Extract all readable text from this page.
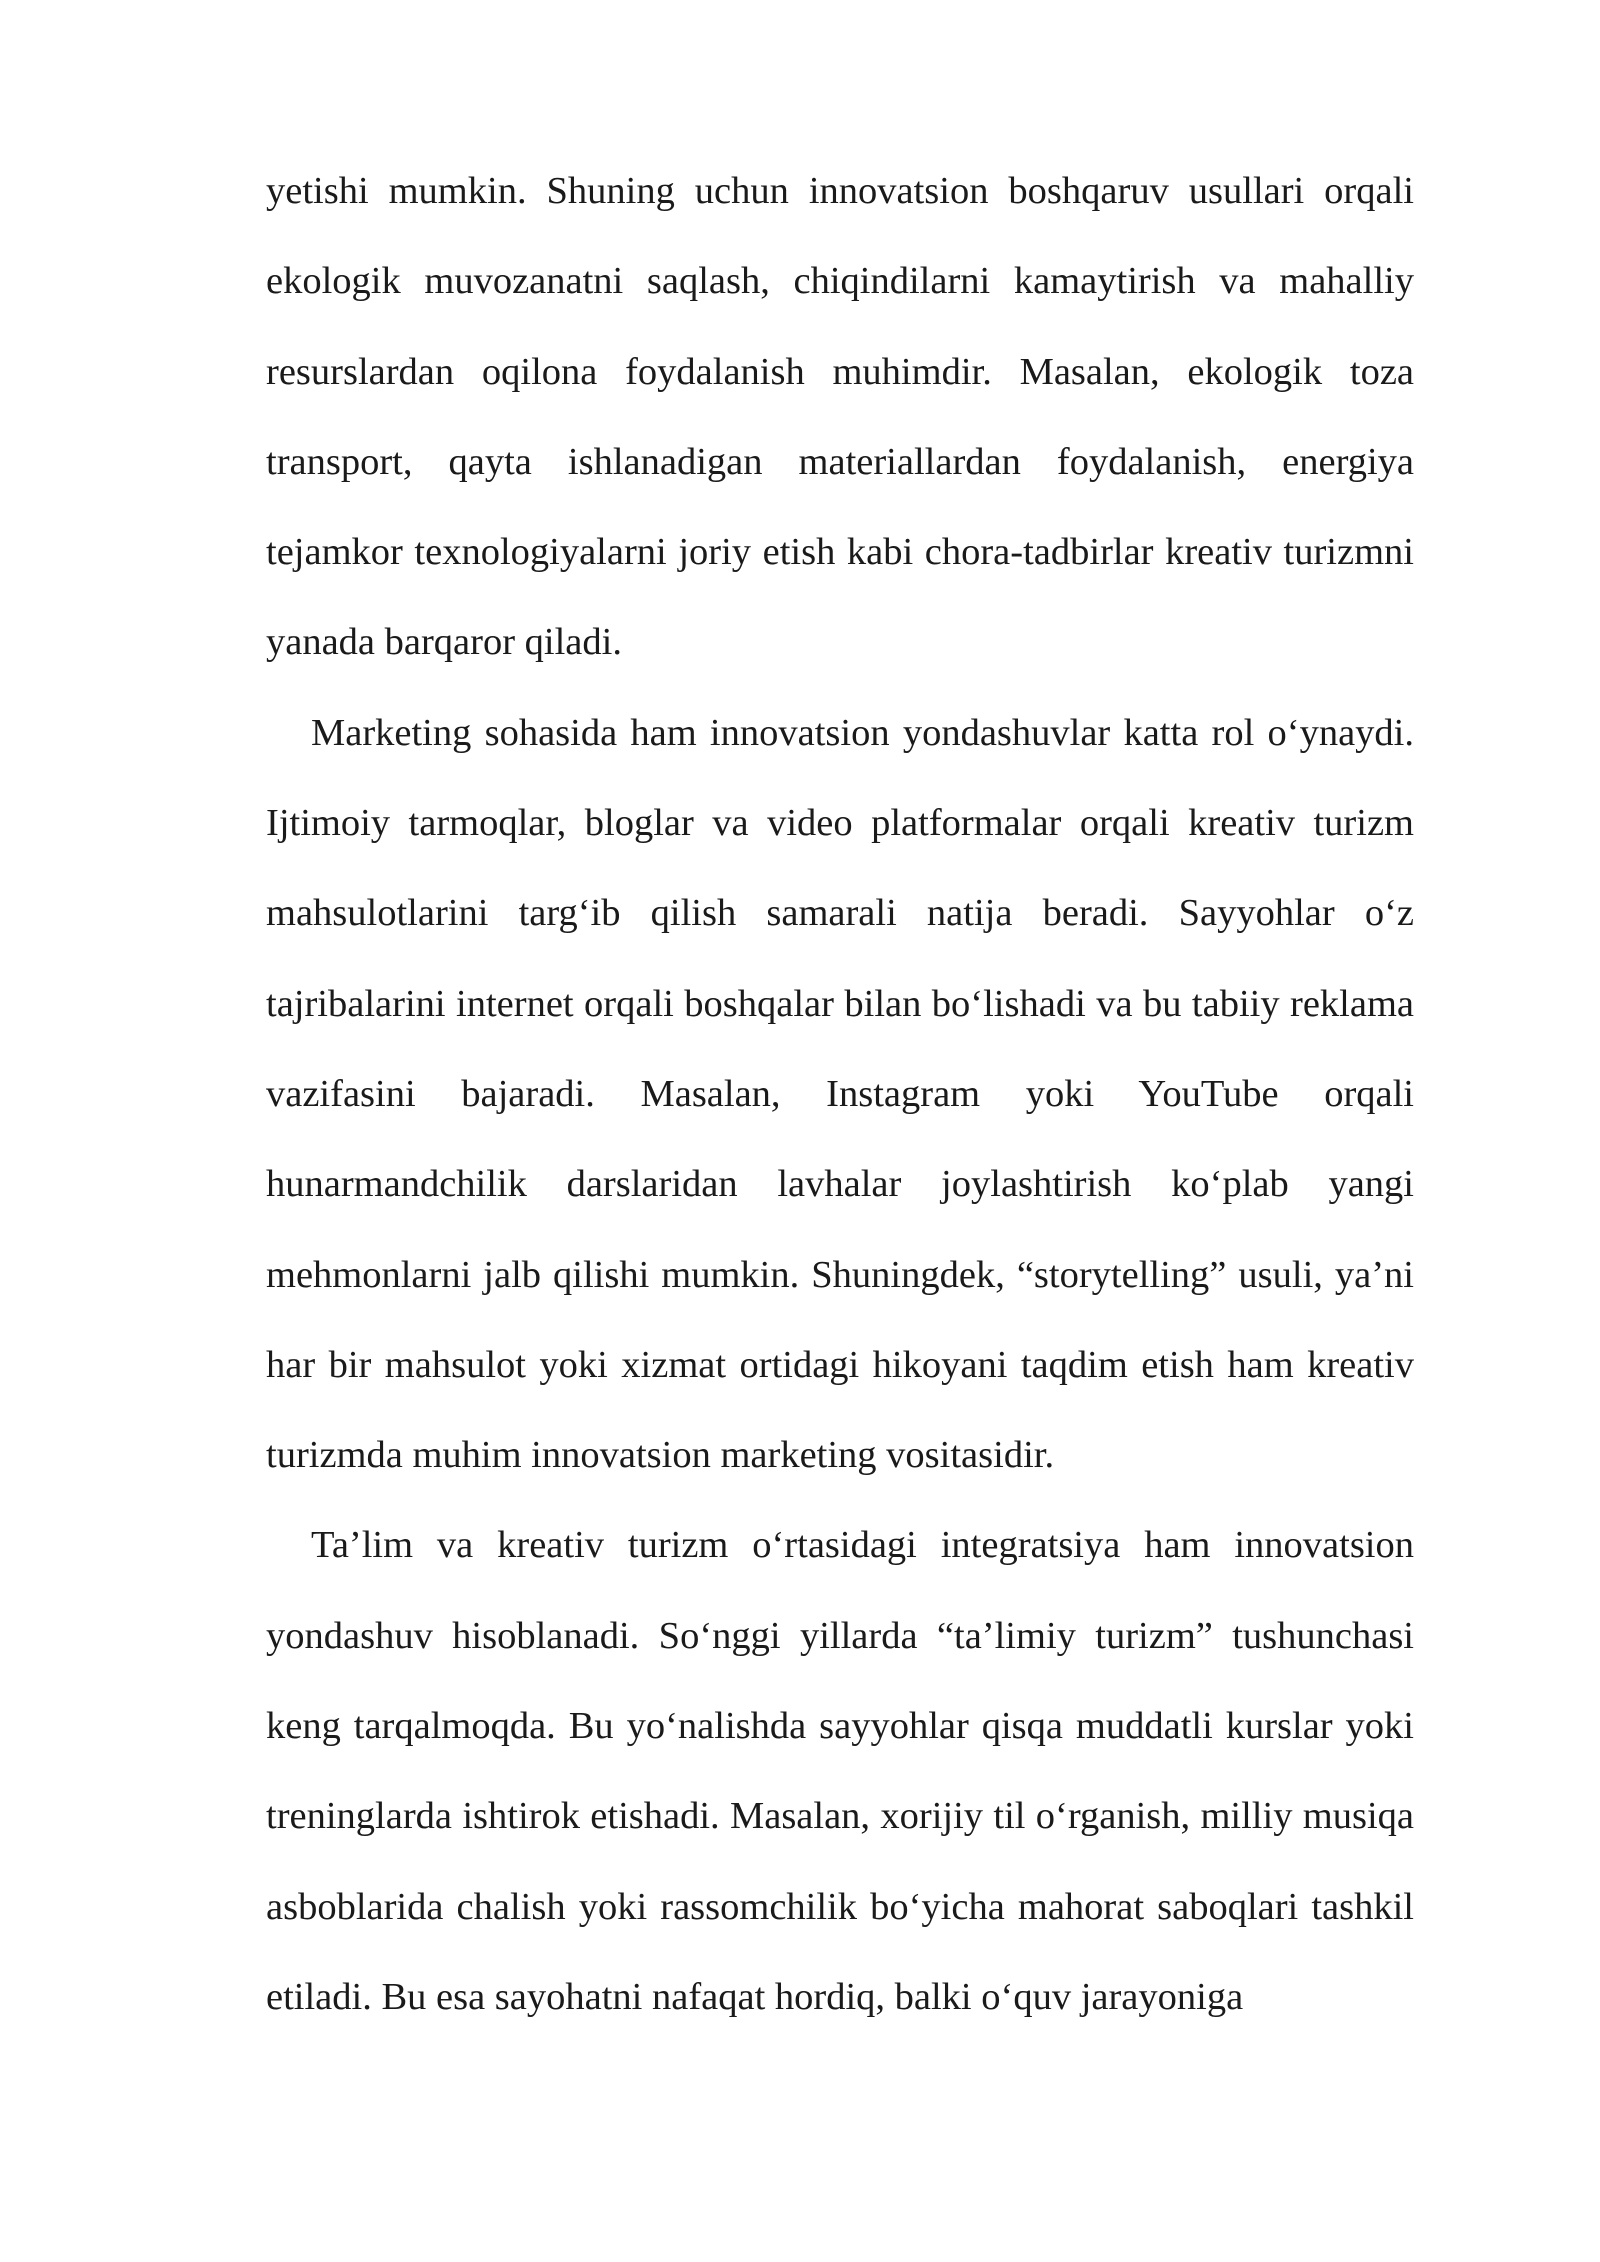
yetishi mumkin. Shuning uchun innovatsion boshqaruv usullari orqali ekologik muvozanatni saqlash, chiqindilarni kamaytirish va mahalliy resurslardan oqilona foydalanish muhimdir. Masalan, ekologik toza transport, qayta ishlanadigan materiallardan foydalanish, energiya tejamkor texnologiyalarni joriy etish kabi chora-tadbirlar kreativ turizmni yanada barqaror qiladi.

Marketing sohasida ham innovatsion yondashuvlar katta rol o‘ynaydi. Ijtimoiy tarmoqlar, bloglar va video platformalar orqali kreativ turizm mahsulotlarini targ‘ib qilish samarali natija beradi. Sayyohlar o‘z tajribalarini internet orqali boshqalar bilan bo‘lishadi va bu tabiiy reklama vazifasini bajaradi. Masalan, Instagram yoki YouTube orqali hunarmandchilik darslaridan lavhalar joylashtirish ko‘plab yangi mehmonlarni jalb qilishi mumkin. Shuningdek, “storytelling” usuli, ya’ni har bir mahsulot yoki xizmat ortidagi hikoyani taqdim etish ham kreativ turizmda muhim innovatsion marketing vositasidir.

Ta’lim va kreativ turizm o‘rtasidagi integratsiya ham innovatsion yondashuv hisoblanadi. So‘nggi yillarda “ta’limiy turizm” tushunchasi keng tarqalmoqda. Bu yo‘nalishda sayyohlar qisqa muddatli kurslar yoki treninglarda ishtirok etishadi. Masalan, xorijiy til o‘rganish, milliy musiqa asboblarida chalish yoki rassomchilik bo‘yicha mahorat saboqlari tashkil etiladi. Bu esa sayohatni nafaqat hordiq, balki o‘quv jarayoniga
